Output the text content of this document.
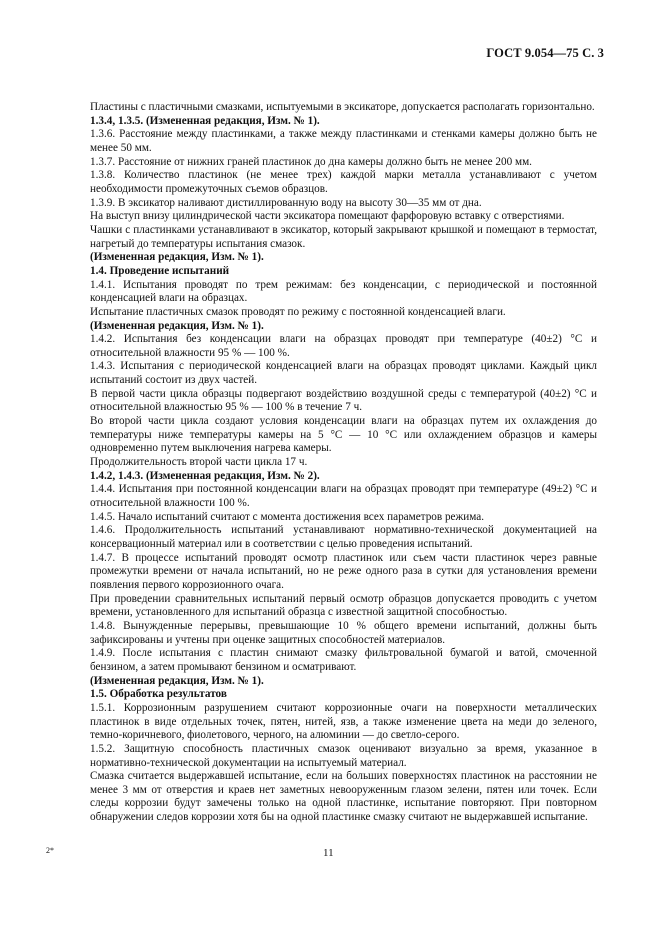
ГОСТ 9.054—75 С. 3

Пластины с пластичными смазками, испытуемыми в эксикаторе, допускается располагать горизонтально.

1.3.4, 1.3.5. (Измененная редакция, Изм. № 1).

1.3.6. Расстояние между пластинками, а также между пластинками и стенками камеры должно быть не менее 50 мм.

1.3.7. Расстояние от нижних граней пластинок до дна камеры должно быть не менее 200 мм.

1.3.8. Количество пластинок (не менее трех) каждой марки металла устанавливают с учетом необходимости промежуточных съемов образцов.

1.3.9. В эксикатор наливают дистиллированную воду на высоту 30—35 мм от дна.

На выступ внизу цилиндрической части эксикатора помещают фарфоровую вставку с отверстиями.

Чашки с пластинками устанавливают в эксикатор, который закрывают крышкой и помещают в термостат, нагретый до температуры испытания смазок.

(Измененная редакция, Изм. № 1).

1.4. Проведение испытаний

1.4.1. Испытания проводят по трем режимам: без конденсации, с периодической и постоянной конденсацией влаги на образцах.

Испытание пластичных смазок проводят по режиму с постоянной конденсацией влаги.

(Измененная редакция, Изм. № 1).

1.4.2. Испытания без конденсации влаги на образцах проводят при температуре (40±2) °С и относительной влажности 95 % — 100 %.

1.4.3. Испытания с периодической конденсацией влаги на образцах проводят циклами. Каждый цикл испытаний состоит из двух частей.

В первой части цикла образцы подвергают воздействию воздушной среды с температурой (40±2) °С и относительной влажностью 95 % — 100 % в течение 7 ч.

Во второй части цикла создают условия конденсации влаги на образцах путем их охлаждения до температуры ниже температуры камеры на 5 °С — 10 °С или охлаждением образцов и камеры одновременно путем выключения нагрева камеры.

Продолжительность второй части цикла 17 ч.

1.4.2, 1.4.3. (Измененная редакция, Изм. № 2).

1.4.4. Испытания при постоянной конденсации влаги на образцах проводят при температуре (49±2) °С и относительной влажности 100 %.

1.4.5. Начало испытаний считают с момента достижения всех параметров режима.

1.4.6. Продолжительность испытаний устанавливают нормативно-технической документацией на консервационный материал или в соответствии с целью проведения испытаний.

1.4.7. В процессе испытаний проводят осмотр пластинок или съем части пластинок через равные промежутки времени от начала испытаний, но не реже одного раза в сутки для установления времени появления первого коррозионного очага.

При проведении сравнительных испытаний первый осмотр образцов допускается проводить с учетом времени, установленного для испытаний образца с известной защитной способностью.

1.4.8. Вынужденные перерывы, превышающие 10 % общего времени испытаний, должны быть зафиксированы и учтены при оценке защитных способностей материалов.

1.4.9. После испытания с пластин снимают смазку фильтровальной бумагой и ватой, смоченной бензином, а затем промывают бензином и осматривают.

(Измененная редакция, Изм. № 1).

1.5. Обработка результатов

1.5.1. Коррозионным разрушением считают коррозионные очаги на поверхности металлических пластинок в виде отдельных точек, пятен, нитей, язв, а также изменение цвета на меди до зеленого, темно-коричневого, фиолетового, черного, на алюминии — до светло-серого.

1.5.2. Защитную способность пластичных смазок оценивают визуально за время, указанное в нормативно-технической документации на испытуемый материал.

Смазка считается выдержавшей испытание, если на больших поверхностях пластинок на расстоянии не менее 3 мм от отверстия и краев нет заметных невооруженным глазом зелени, пятен или точек. Если следы коррозии будут замечены только на одной пластинке, испытание повторяют. При повторном обнаружении следов коррозии хотя бы на одной пластинке смазку считают не выдержавшей испытание.

2*	11
